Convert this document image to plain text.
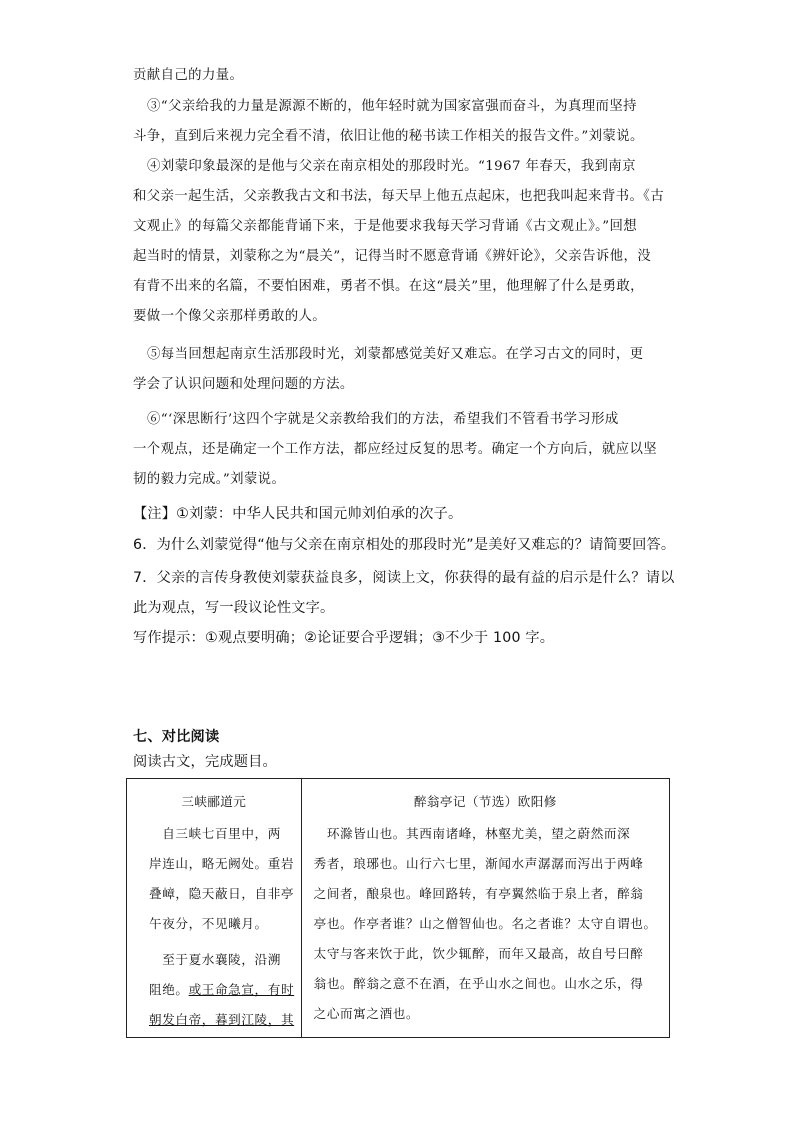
贡献自己的力量。
③“父亲给我的力量是源源不断的，他年轻时就为国家富强而奋斗，为真理而坚持
斗争，直到后来视力完全看不清，依旧让他的秘书读工作相关的报告文件。”刘蒙说。
④刘蒙印象最深的是他与父亲在南京相处的那段时光。“1967 年春天，我到南京
和父亲一起生活，父亲教我古文和书法，每天早上他五点起床，也把我叫起来背书。《古
文观止》的每篇父亲都能背诵下来，于是他要求我每天学习背诵《古文观止》。”回想
起当时的情景，刘蒙称之为“晨关”，记得当时不愿意背诵《辨奸论》，父亲告诉他，没
有背不出来的名篇，不要怕困难，勇者不惧。在这“晨关”里，他理解了什么是勇敢，
要做一个像父亲那样勇敢的人。
⑤每当回想起南京生活那段时光，刘蒙都感觉美好又难忘。在学习古文的同时，更
学会了认识问题和处理问题的方法。
⑥“‘深思断行’这四个字就是父亲教给我们的方法，希望我们不管看书学习形成
一个观点，还是确定一个工作方法，都应经过反复的思考。确定一个方向后，就应以坚
韧的毅力完成。”刘蒙说。
【注】①刘蒙：中华人民共和国元帅刘伯承的次子。
6．为什么刘蒙觉得“他与父亲在南京相处的那段时光”是美好又难忘的？请简要回答。
7．父亲的言传身教使刘蒙获益良多，阅读上文，你获得的最有益的启示是什么？请以
此为观点，写一段议论性文字。
写作提示：①观点要明确；②论证要合乎逻辑；③不少于 100 字。
七、对比阅读
阅读古文，完成题目。
三峡郦道元
　自三峡七百里中，两
岸连山，略无阙处。重岩
叠嶂，隐天蔽日，自非亭
午夜分，不见曦月。
　至于夏水襄陵，沿溯
阻绝。或王命急宣，有时
朝发白帝，暮到江陵，其

醉翁亭记（节选）欧阳修
　环滁皆山也。其西南诸峰，林壑尤美，望之蔚然而深
秀者，琅琊也。山行六七里，渐闻水声潺潺而泻出于两峰
之间者，酿泉也。峰回路转，有亭翼然临于泉上者，醉翁
亭也。作亭者谁？山之僧智仙也。名之者谁？太守自谓也。
太守与客来饮于此，饮少辄醉，而年又最高，故自号曰醉
翁也。醉翁之意不在酒，在乎山水之间也。山水之乐，得
之心而寓之酒也。
